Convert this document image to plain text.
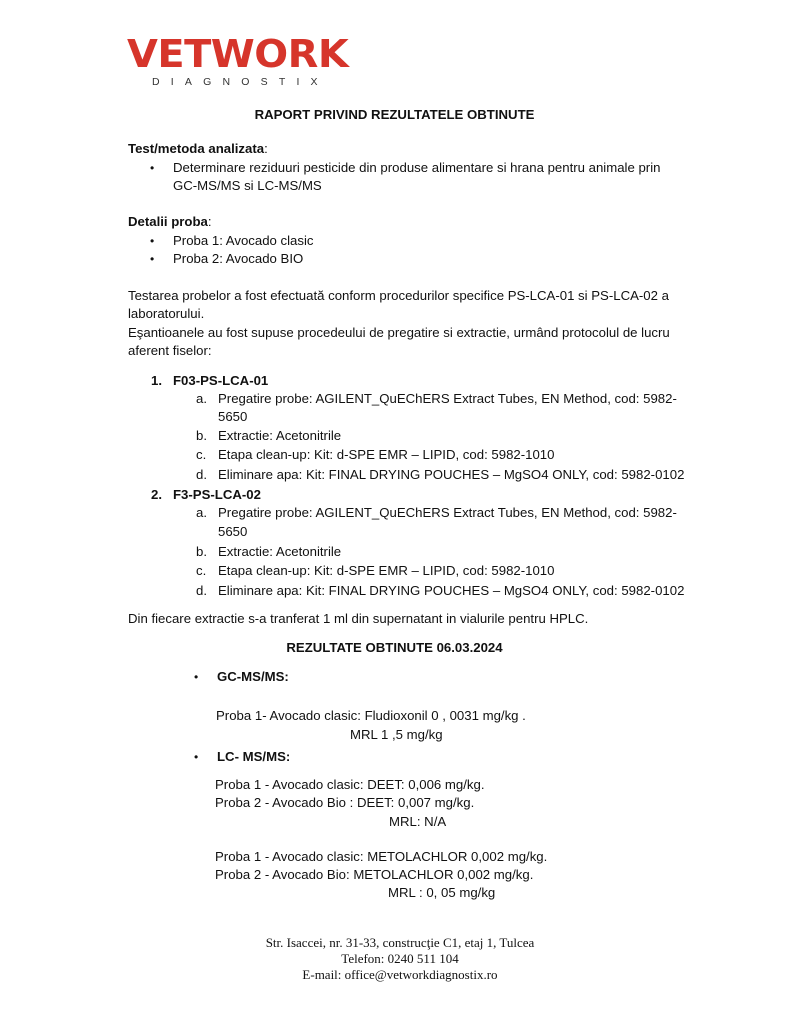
VETWORK
DIAGNOSTIX
RAPORT PRIVIND REZULTATELE OBTINUTE
Test/metoda analizata:
•	Determinare reziduuri pesticide din produse alimentare si hrana pentru animale prin
GC-MS/MS si LC-MS/MS
Detalii proba:
•	Proba 1: Avocado clasic
•	Proba 2: Avocado BIO
Testarea probelor a fost efectuată conform procedurilor specifice PS-LCA-01 si PS-LCA-02 a
laboratorului.
Eşantioanele au fost supuse procedeului de pregatire si extractie, urmând protocolul de lucru
aferent fiselor:
1. F03-PS-LCA-01
a. Pregatire probe: AGILENT_QuEChERS Extract Tubes, EN Method, cod: 5982-
5650
b. Extractie: Acetonitrile
c. Etapa clean-up: Kit: d-SPE EMR – LIPID, cod: 5982-1010
d. Eliminare apa: Kit: FINAL DRYING POUCHES – MgSO4 ONLY, cod: 5982-0102
2. F3-PS-LCA-02
a. Pregatire probe: AGILENT_QuEChERS Extract Tubes, EN Method, cod: 5982-
5650
b. Extractie: Acetonitrile
c. Etapa clean-up: Kit: d-SPE EMR – LIPID, cod: 5982-1010
d. Eliminare apa: Kit: FINAL DRYING POUCHES – MgSO4 ONLY, cod: 5982-0102
Din fiecare extractie s-a tranferat 1 ml din supernatant in vialurile pentru HPLC.
REZULTATE OBTINUTE 06.03.2024
•	GC-MS/MS:
Proba 1- Avocado clasic: Fludioxonil 0 , 0031 mg/kg .
MRL 1 ,5 mg/kg
•	LC- MS/MS:
Proba 1 - Avocado clasic: DEET: 0,006 mg/kg.
Proba 2 - Avocado Bio : DEET: 0,007 mg/kg.
MRL: N/A
Proba 1 - Avocado clasic: METOLACHLOR 0,002 mg/kg.
Proba 2 - Avocado Bio: METOLACHLOR 0,002 mg/kg.
MRL : 0, 05 mg/kg
Str. Isaccei, nr. 31-33, construcţie C1, etaj 1, Tulcea
Telefon: 0240 511 104
E-mail: office@vetworkdiagnostix.ro
